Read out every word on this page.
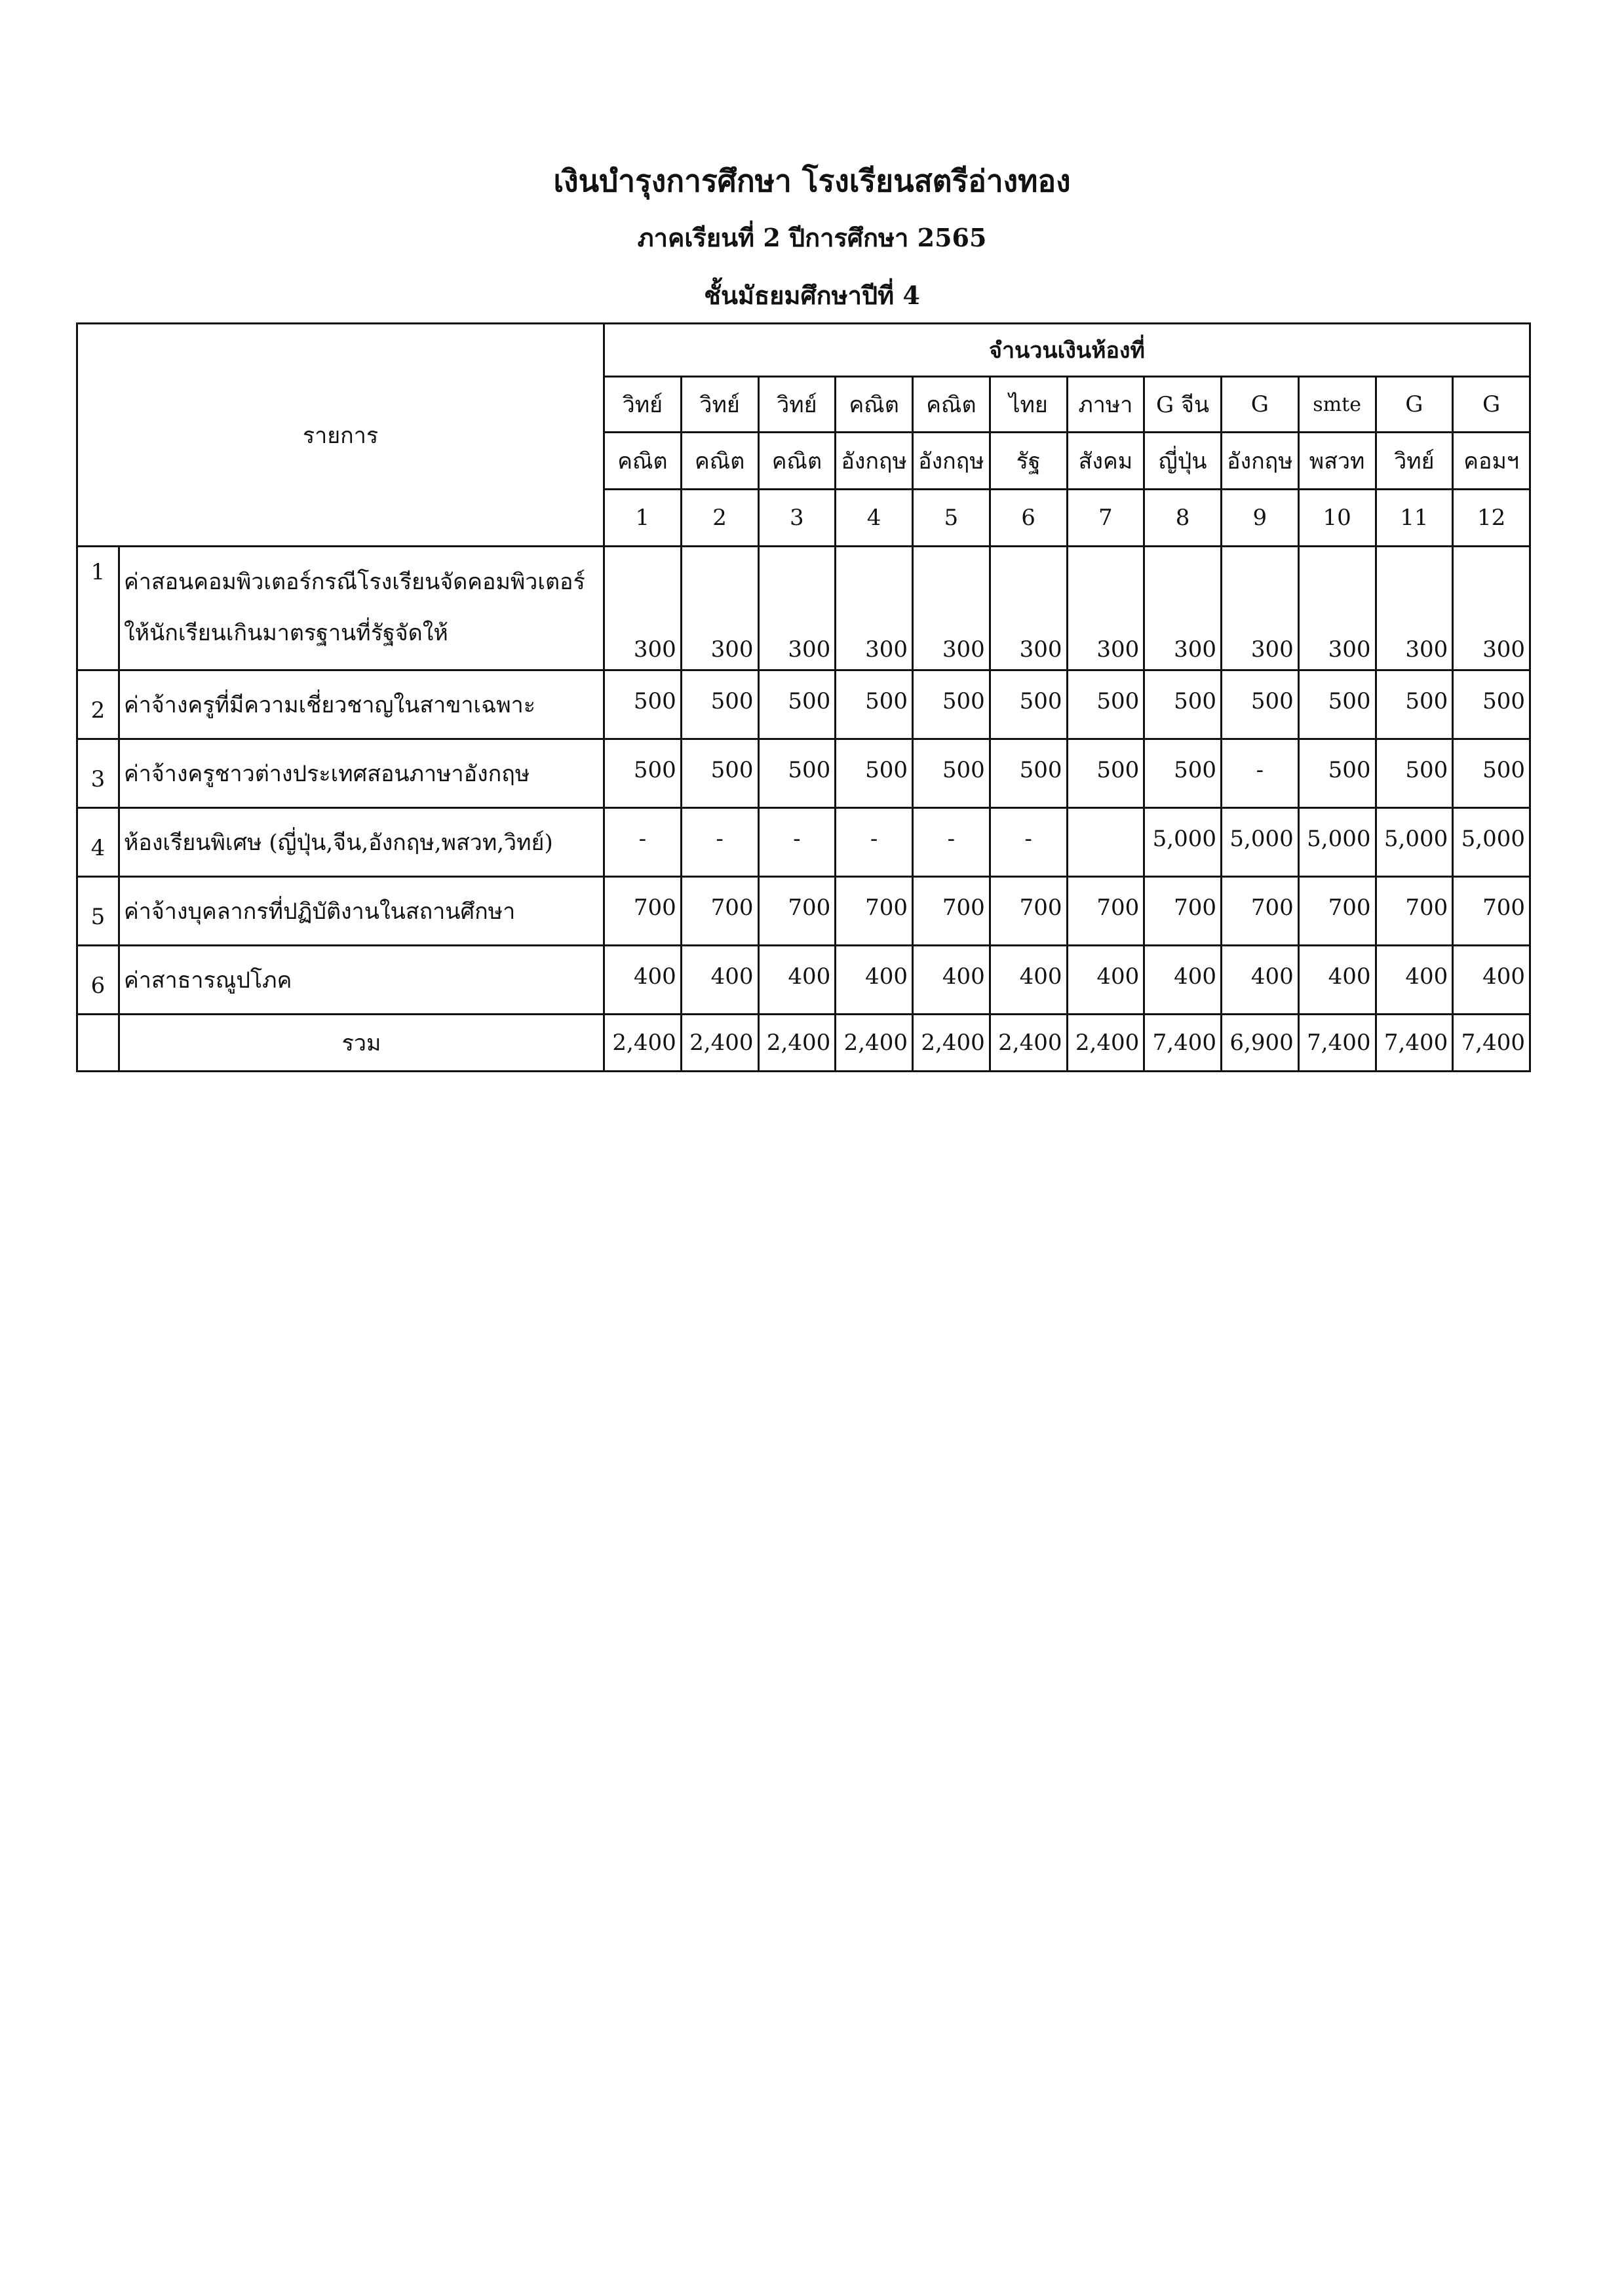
เงินบำรุงการศึกษา โรงเรียนสตรีอ่างทอง
ภาคเรียนที่ 2 ปีการศึกษา 2565
ชั้นมัธยมศึกษาปีที่ 4
รายการ		จำนวนเงินห้องที่											
		วิทย์	วิทย์	วิทย์	คณิต	คณิต	ไทย	ภาษา	G จีน	G	smte	G	G
		คณิต	คณิต	คณิต	อังกฤษ	อังกฤษ	รัฐ	สังคม	ญี่ปุ่น	อังกฤษ	พสวท	วิทย์	คอมฯ
		1	2	3	4	5	6	7	8	9	10	11	12
1	ค่าสอนคอมพิวเตอร์กรณีโรงเรียนจัดคอมพิวเตอร์
ให้นักเรียนเกินมาตรฐานที่รัฐจัดให้	300	300	300	300	300	300	300	300	300	300	300	300
2	ค่าจ้างครูที่มีความเชี่ยวชาญในสาขาเฉพาะ	500	500	500	500	500	500	500	500	500	500	500	500
3	ค่าจ้างครูชาวต่างประเทศสอนภาษาอังกฤษ	500	500	500	500	500	500	500	500	-	500	500	500
4	ห้องเรียนพิเศษ (ญี่ปุ่น,จีน,อังกฤษ,พสวท,วิทย์)	-	-	-	-	-	-		5,000	5,000	5,000	5,000	5,000
5	ค่าจ้างบุคลากรที่ปฏิบัติงานในสถานศึกษา	700	700	700	700	700	700	700	700	700	700	700	700
6	ค่าสาธารณูปโภค	400	400	400	400	400	400	400	400	400	400	400	400
	รวม	2,400	2,400	2,400	2,400	2,400	2,400	2,400	7,400	6,900	7,400	7,400	7,400
